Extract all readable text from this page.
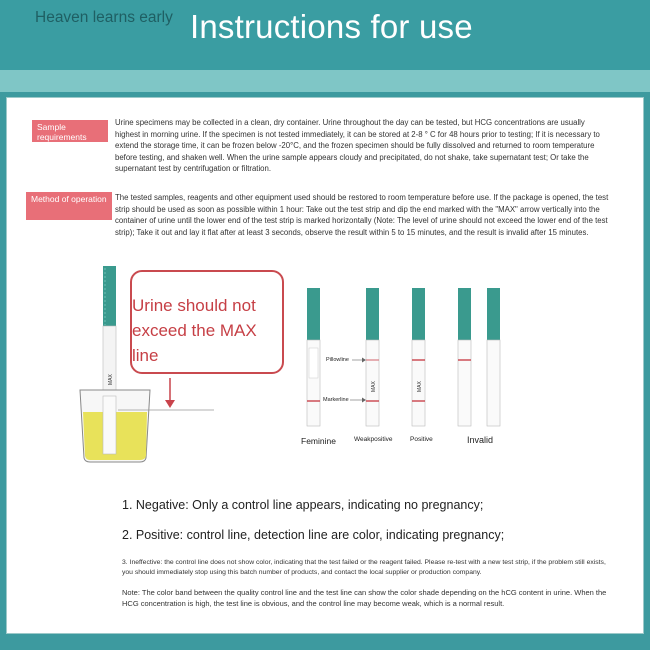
Heaven learns early Instructions for use
Sample requirements

Urine specimens may be collected in a clean, dry container. Urine throughout the day can be tested, but HCG concentrations are usually highest in morning urine. If the specimen is not tested immediately, it can be stored at 2-8 ° C for 48 hours prior to testing; If it is necessary to extend the storage time, it can be frozen below -20°C, and the frozen specimen should be fully dissolved and returned to room temperature before testing, and shaken well. When the urine sample appears cloudy and precipitated, do not shake, take supernatant test; Or take the supernatant test by centrifugation or filtration.

Method of operation	The tested samples, reagents and other equipment used should be restored to room temperature before use. If the package is opened, the test strip should be used as soon as possible within 1 hour: Take out the test strip and dip the end marked with the "MAX" arrow vertically into the container of urine until the lower end of the test strip is marked horizontally (Note: The level of urine should not exceed the lower end of the test strip); Take it out and lay it flat after at least 3 seconds, observe the result within 5 to 15 minutes, and the result is invalid after 15 minutes.

MAX
MAX	MAX

Urine should not exceed the MAX line	Pillowline
Markerline
Feminine	Weakpositive	Positive	Invalid

1. Negative: Only a control line appears, indicating no pregnancy;

2. Positive: control line, detection line are color, indicating pregnancy;

3. Ineffective: the control line does not show color, indicating that the test failed or the reagent failed. Please re-test with a new test strip, if the problem still exists, you should immediately stop using this batch number of products, and contact the local supplier or production company.

Note: The color band between the quality control line and the test line can show the color shade depending on the hCG content in urine. When the HCG concentration is high, the test line is obvious, and the control line may become weak, which is a normal result.
